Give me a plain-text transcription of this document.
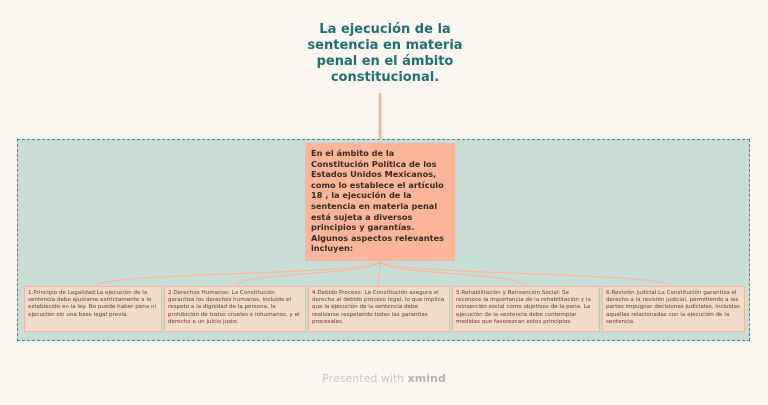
La ejecución de la sentencia en materia penal en el ámbito constitucional.
En el ámbito de la Constitución Política de los Estados Unidos Mexicanos, como lo establece el artículo 18 , la ejecución de la sentencia en materia penal está sujeta a diversos principios y garantías. Algunos aspectos relevantes incluyen:
1.Principio de Legalidad:La ejecución de la sentencia debe ajustarse estrictamente a lo establecido en la ley. No puede haber pena ni ejecución sin una base legal previa.
2.Derechos Humanos: La Constitución garantiza los derechos humanos, incluido el respeto a la dignidad de la persona, la prohibición de tratos crueles e inhumanos, y el derecho a un juicio justo.
4.Debido Proceso: La Constitución asegura el derecho al debido proceso legal, lo que implica que la ejecución de la sentencia debe realizarse respetando todas las garantías procesales.
5.Rehabilitación y Reinserción Social: Se reconoce la importancia de la rehabilitación y la reinserción social como objetivos de la pena. La ejecución de la sentencia debe contemplar medidas que favorezcan estos principios.
6.Revisión Judicial:La Constitución garantiza el derecho a la revisión judicial, permitiendo a las partes impugnar decisiones judiciales, incluidas aquellas relacionadas con la ejecución de la sentencia.
Presented with xmind
